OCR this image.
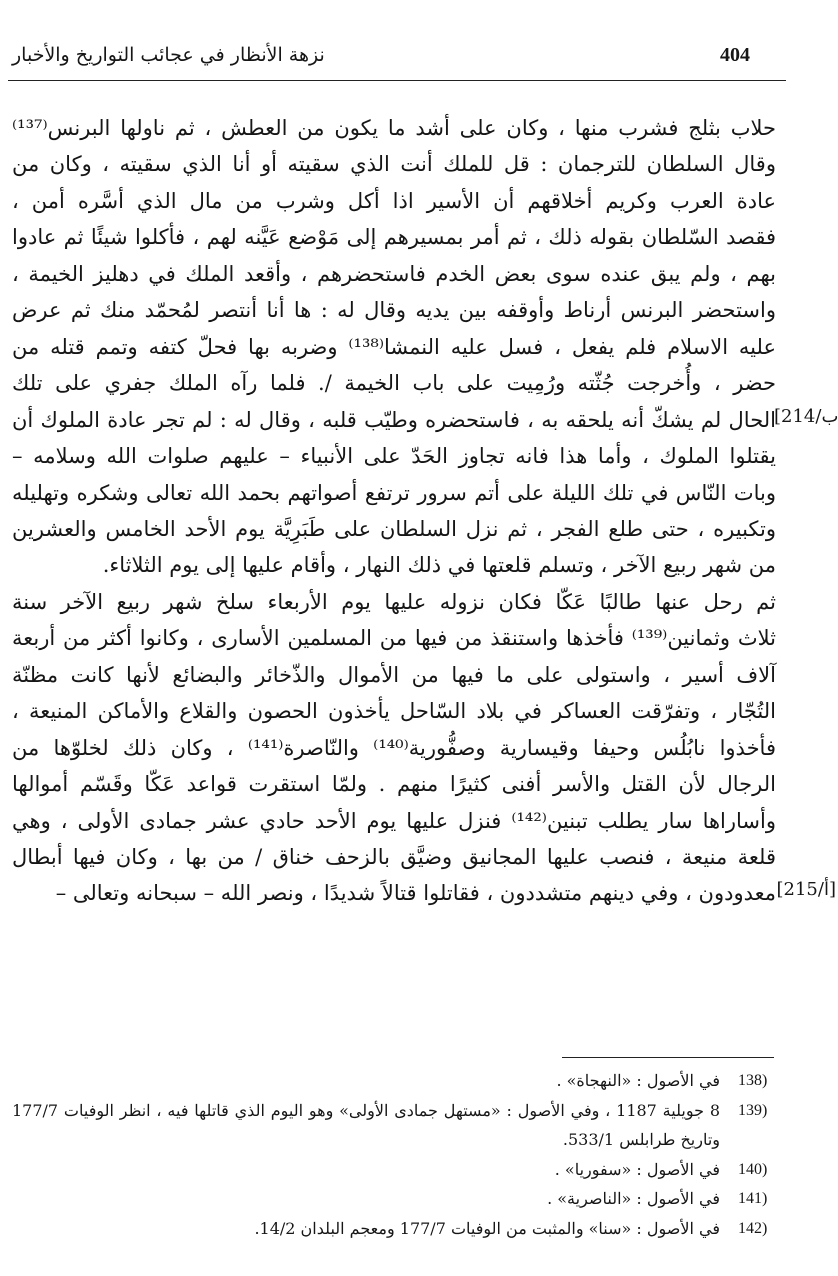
نزهة الأنظار في عجائب التواريخ والأخبار	404
حلاب بثلج فشرب منها ، وكان على أشد ما يكون من العطش ، ثم ناولها البرنس⁽¹³⁷⁾
وقال السلطان للترجمان : قل للملك أنت الذي سقيته أو أنا الذي سقيته ، وكان من
عادة العرب وكريم أخلاقهم أن الأسير اذا أكل وشرب من مال الذي أسَّره أمن ،
فقصد السّلطان بقوله ذلك ، ثم أمر بمسيرهم إلى مَوْضع عَيَّنه لهم ، فأكلوا شيئًا ثم عادوا
بهم ، ولم يبق عنده سوى بعض الخدم فاستحضرهم ، وأقعد الملك في دهليز الخيمة ،
واستحضر البرنس أرناط وأوقفه بين يديه وقال له : ها أنا أنتصر لمُحمّد منك ثم عرض
عليه الاسلام فلم يفعل ، فسل عليه النمشا⁽¹³⁸⁾ وضربه بها فحلّ كتفه وتمم قتله من
حضر ، وأُخرجت جُثّته ورُمِيت على باب الخيمة /. فلما رآه الملك جفري على تلك
الحال لم يشكّ أنه يلحقه به ، فاستحضره وطيّب قلبه ، وقال له : لم تجر عادة الملوك أن
يقتلوا الملوك ، وأما هذا فانه تجاوز الحَدّ على الأنبياء – عليهم صلوات الله وسلامه –
وبات النّاس في تلك الليلة على أتم سرور ترتفع أصواتهم بحمد الله تعالى وشكره وتهليله
وتكبيره ، حتى طلع الفجر ، ثم نزل السلطان على طَبَرِيَّة يوم الأحد الخامس والعشرين
من شهر ربيع الآخر ، وتسلم قلعتها في ذلك النهار ، وأقام عليها إلى يوم الثلاثاء.
ثم رحل عنها طالبًا عَكّا فكان نزوله عليها يوم الأربعاء سلخ شهر ربيع الآخر سنة
ثلاث وثمانين⁽¹³⁹⁾ فأخذها واستنقذ من فيها من المسلمين الأسارى ، وكانوا أكثر من أربعة
آلاف أسير ، واستولى على ما فيها من الأموال والذّخائر والبضائع لأنها كانت مظنّة
التُجّار ، وتفرّقت العساكر في بلاد السّاحل يأخذون الحصون والقلاع والأماكن المنيعة ،
فأخذوا نابُلُس وحيفا وقيسارية وصفُّورية⁽¹⁴⁰⁾ والنّاصرة⁽¹⁴¹⁾ ، وكان ذلك لخلوّها من
الرجال لأن القتل والأسر أفنى كثيرًا منهم . ولمّا استقرت قواعد عَكّا وقَسّم أموالها
وأساراها سار يطلب تبنين⁽¹⁴²⁾ فنزل عليها يوم الأحد حادي عشر جمادى الأولى ، وهي
قلعة منيعة ، فنصب عليها المجانيق وضيَّق بالزحف خناق / من بها ، وكان فيها أبطال
معدودون ، وفي دينهم متشددون ، فقاتلوا قتالاً شديدًا ، ونصر الله – سبحانه وتعالى –
[214/ب
[215/أ]
138)
في الأصول : «النهجاة» .
139)
8 جويلية 1187 ، وفي الأصول : «مستهل جمادى الأولى» وهو اليوم الذي قاتلها فيه ، انظر الوفيات 177/7
وتاريخ طرابلس 533/1.
140)
في الأصول : «سفوريا» .
141)
في الأصول : «الناصرية» .
142)
في الأصول : «سنا» والمثبت من الوفيات 177/7 ومعجم البلدان 14/2.
